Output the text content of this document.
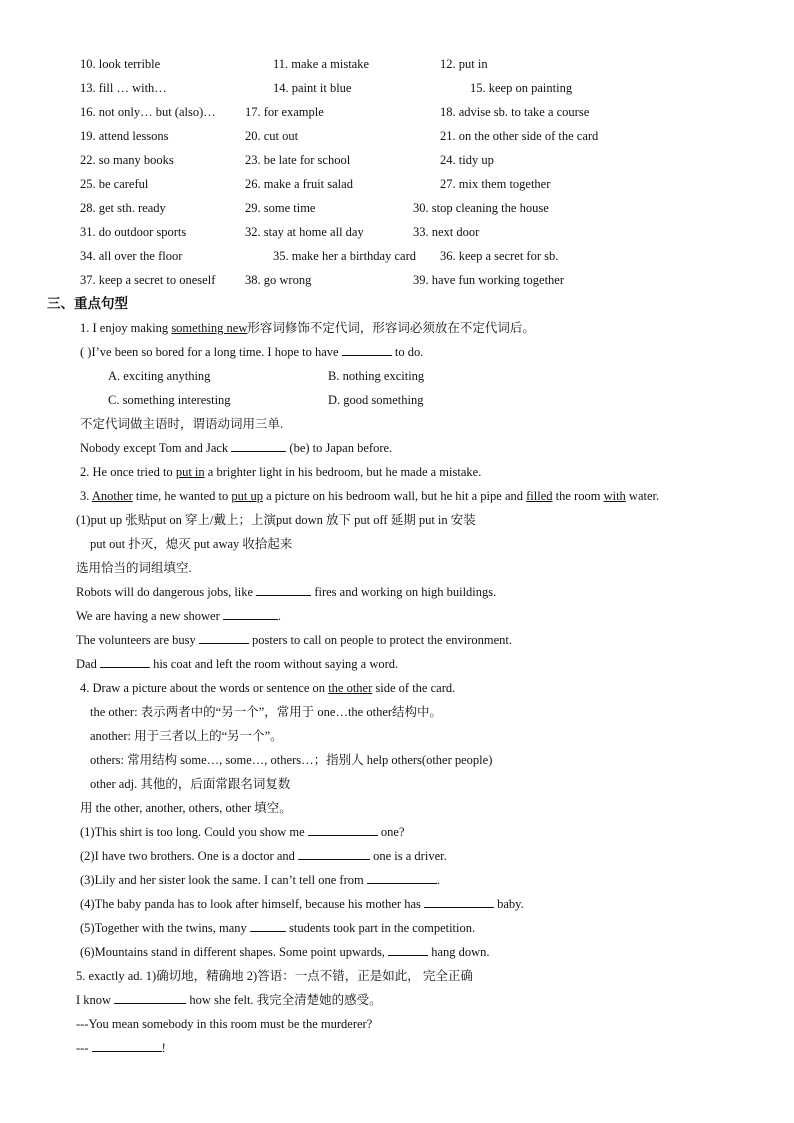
10. look terrible	11. make a mistake	12. put in
13. fill … with…	14. paint it blue	15. keep on painting
16. not only… but (also)… 17. for example	18. advise sb. to take a course
19. attend lessons	20. cut out	21. on the other side of the card
22. so many books	23. be late for school	24. tidy up
25. be careful	26. make a fruit salad	27. mix them together
28. get sth. ready	29. some time	30. stop cleaning the house
31. do outdoor sports	32. stay at home all day	33. next door
34. all over the floor	35. make her a birthday card 36. keep a secret for sb.
37. keep a secret to oneself 38. go wrong	39. have fun working together
三、重点句型
1. I enjoy making something new形容词修饰不定代词，形容词必须放在不定代词后。
( )I’ve been so bored for a long time. I hope to have	to do.
A. exciting anything	B. nothing exciting
C. something interesting	D. good something
不定代词做主语时，谓语动词用三单.
Nobody except Tom and Jack	(be) to Japan before.
2. He once tried to put in a brighter light in his bedroom, but he made a mistake.
3. Another time, he wanted to put up a picture on his bedroom wall, but he hit a pipe and filled the room with water.
(1)put up 张贴put on 穿上/戴上；上演put down 放下 put off 延期 put in 安装
put out 扑灭，熄灭 put away 收拾起来
选用恰当的词组填空.
Robots will do dangerous jobs, like	fires and working on high buildings.
We are having a new shower	.
The volunteers are busy	posters to call on people to protect the environment.
Dad	his coat and left the room without saying a word.
4. Draw a picture about the words or sentence on the other side of the card.
the other: 表示两者中的“另一个”，常用于 one…the other结构中。
another: 用于三者以上的“另一个”。
others: 常用结构 some…, some…, others…；指别人 help others(other people)
other adj. 其他的，后面常跟名词复数
用 the other, another, others, other 填空。
(1)This shirt is too long. Could you show me	one?
(2)I have two brothers. One is a doctor and	one is a driver.
(3)Lily and her sister look the same. I can’t tell one from	.
(4)The baby panda has to look after himself, because his mother has	baby.
(5)Together with the twins, many	students took part in the competition.
(6)Mountains stand in different shapes. Some point upwards,	hang down.
5. exactly ad. 1)确切地，精确地 2)答语：一点不错，正是如此， 完全正确
I know	how she felt. 我完全清楚她的感受。
---You mean somebody in this room must be the murderer?
---	!
